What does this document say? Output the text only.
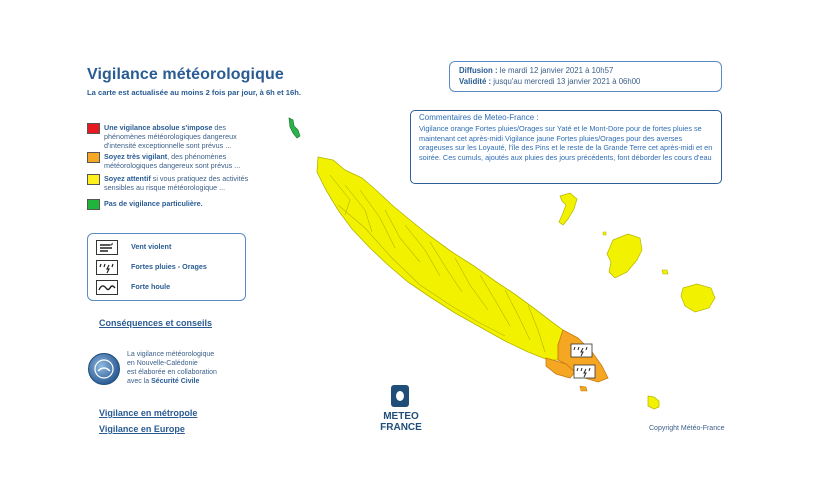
Vigilance météorologique
La carte est actualisée au moins 2 fois par jour, à 6h et 16h.
Une vigilance absolue s'impose des phénomènes météorologiques dangereux d'intensité exceptionnelle sont prévus ...
Soyez très vigilant, des phénomènes météorologiques dangereux sont prévus ...
Soyez attentif si vous pratiquez des activités sensibles au risque météorologique ...
Pas de vigilance particulière.
Vent violent
Fortes pluies - Orages
Forte houle
Conséquences et conseils
La vigilance météorologique
en Nouvelle-Calédonie
est élaborée en collaboration
avec la Sécurité Civile
Vigilance en métropole
Vigilance en Europe
Diffusion : le mardi 12 janvier 2021 à 10h57
Validité : jusqu'au mercredi 13 janvier 2021 à 06h00
Commentaires de Meteo-France :
Vigilance orange Fortes pluies/Orages sur Yaté et le Mont-Dore pour de fortes pluies se maintenant cet après-midi Vigilance jaune Fortes pluies/Orages pour des averses orageuses sur les Loyauté, l'île des Pins et le reste de la Grande Terre cet après-midi et en soirée. Ces cumuls, ajoutés aux pluies des jours précédents, font déborder les cours d'eau
METEO
FRANCE	Copyright Météo-France
